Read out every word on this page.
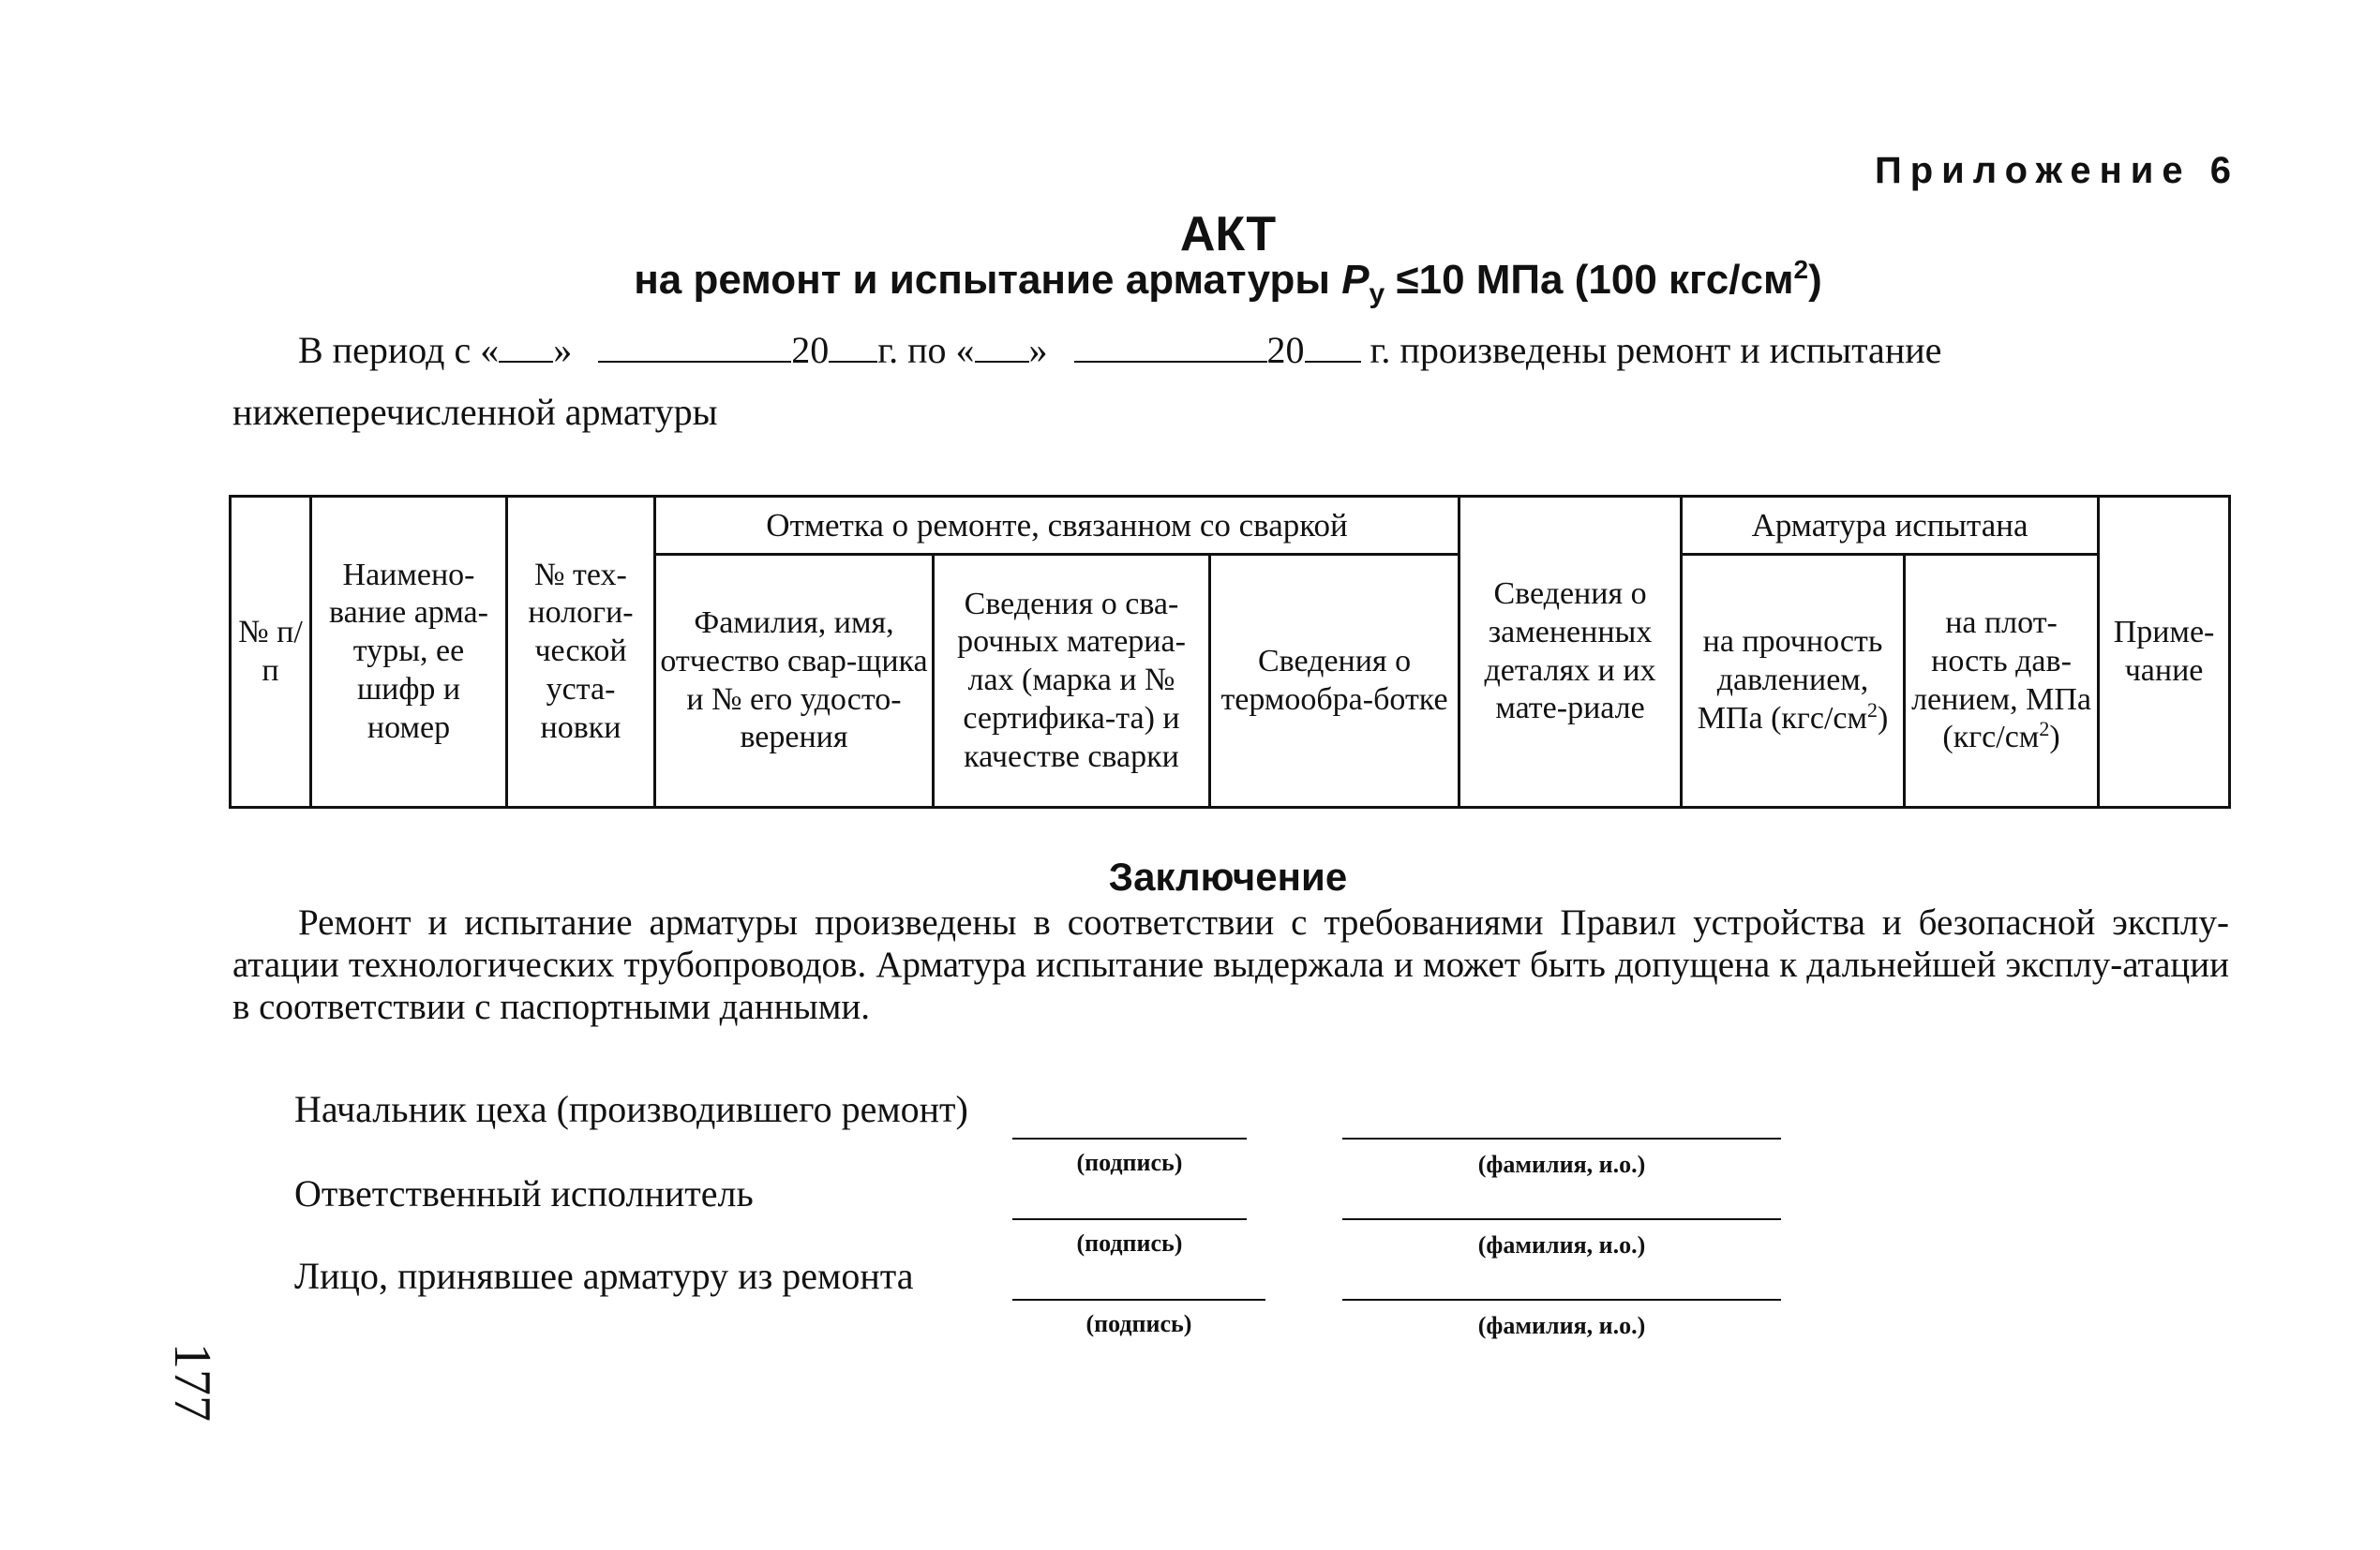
Приложение 6
АКТ
на ремонт и испытание арматуры $P_у \le 10$ МПа (100 кгс/$см^2$)
В период с « »	20 г. по « »	20 г. произведены ремонт и испытание
нижеперечисленной арматуры
№ п/п	Наимено-вание арма-туры, ее шифр и номер	№ тех-нологи-ческой уста-новки	Отметка о ремонте, связанном со сваркой			Сведения о замененных деталях и их мате-риале	Арматура испытана		Приме-чание
			Фамилия, имя, отчество свар-щика и № его удосто-верения	Сведения о сва-рочных материа-лах (марка и № сертифика-та) и качестве сварки	Сведения о термообра-ботке		на прочность давлением, МПа $(кгс/см^2)$	на плот-ность дав-лением, МПа $(кгс/см^2)$	
Заключение
Ремонт и испытание арматуры произведены в соответствии с требованиями Правил устройства и безопасной эксплу-атации технологических трубопроводов. Арматура испытание выдержала и может быть допущена к дальнейшей эксплу-атации в соответствии с паспортными данными.
Начальник цеха (производившего ремонт)
(подпись)	(фамилия, и.о.)
Ответственный исполнитель
(подпись)	(фамилия, и.о.)
Лицо, принявшее арматуру из ремонта
(подпись)	(фамилия, и.о.)
177
